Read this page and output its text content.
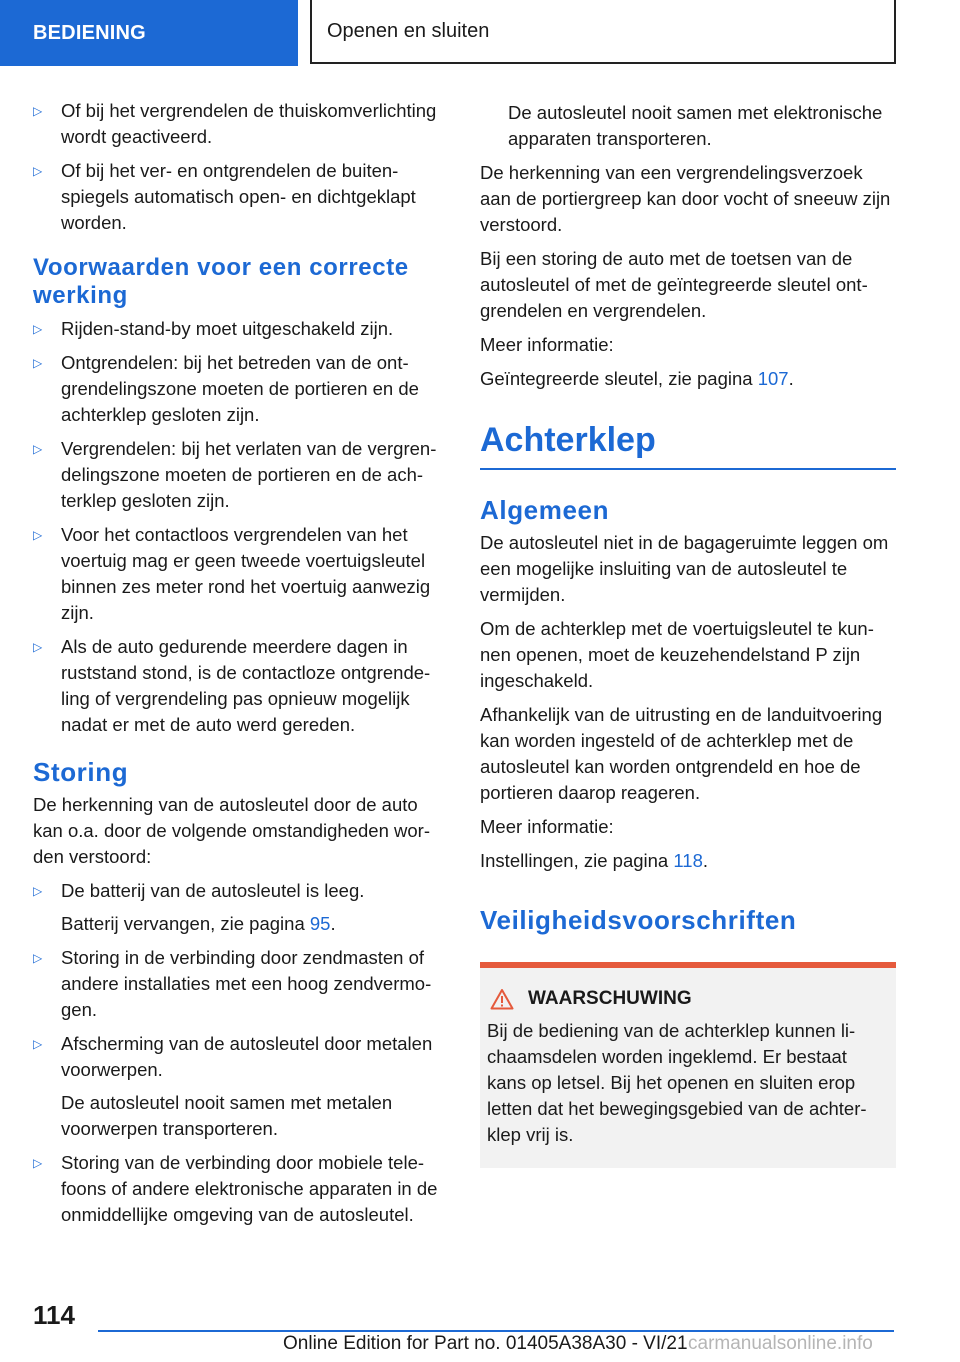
BEDIENING	Openen en sluiten
▷ Of bij het vergrendelen de thuiskomverlichting wordt geactiveerd.
▷ Of bij het ver- en ontgrendelen de buitenspiegels automatisch open- en dichtgeklapt worden.
Voorwaarden voor een correcte werking
▷ Rijden-stand-by moet uitgeschakeld zijn.
▷ Ontgrendelen: bij het betreden van de ontgrendelingszone moeten de portieren en de achterklep gesloten zijn.
▷ Vergrendelen: bij het verlaten van de vergrendelingszone moeten de portieren en de achterklep gesloten zijn.
▷ Voor het contactloos vergrendelen van het voertuig mag er geen tweede voertuigsleutel binnen zes meter rond het voertuig aanwezig zijn.
▷ Als de auto gedurende meerdere dagen in ruststand stond, is de contactloze ontgrendeling of vergrendeling pas opnieuw mogelijk nadat er met de auto werd gereden.
Storing

De herkenning van de autosleutel door de auto kan o.a. door de volgende omstandigheden worden verstoord:

▷ De batterij van de autosleutel is leeg.
Batterij vervangen, zie pagina 95.
▷ Storing in de verbinding door zendmasten of andere installaties met een hoog zendvermogen.
▷ Afscherming van de autosleutel door metalen voorwerpen.
De autosleutel nooit samen met metalen voorwerpen transporteren.
▷ Storing van de verbinding door mobiele telefoons of andere elektronische apparaten in de onmiddellijke omgeving van de autosleutel.

De autosleutel nooit samen met elektronische apparaten transporteren.

De herkenning van een vergrendelingsverzoek aan de portiergreep kan door vocht of sneeuw zijn verstoord.

Bij een storing de auto met de toetsen van de autosleutel of met de geïntegreerde sleutel ontgrendelen en vergrendelen.

Meer informatie:

Geïntegreerde sleutel, zie pagina 107.

Achterklep
Algemeen

De autosleutel niet in de bagageruimte leggen om een mogelijke insluiting van de autosleutel te vermijden.

Om de achterklep met de voertuigsleutel te kunnen openen, moet de keuzehendelstand P zijn ingeschakeld.

Afhankelijk van de uitrusting en de landuitvoering kan worden ingesteld of de achterklep met de autosleutel kan worden ontgrendeld en hoe de portieren daarop reageren.

Meer informatie:

Instellingen, zie pagina 118.

Veiligheidsvoorschriften
WAARSCHUWING
Bij de bediening van de achterklep kunnen lichaamsdelen worden ingeklemd. Er bestaat kans op letsel. Bij het openen en sluiten erop letten dat het bewegingsgebied van de achterklep vrij is.
114
Online Edition for Part no. 01405A38A30 - VI/21 carmanualsonline.info
